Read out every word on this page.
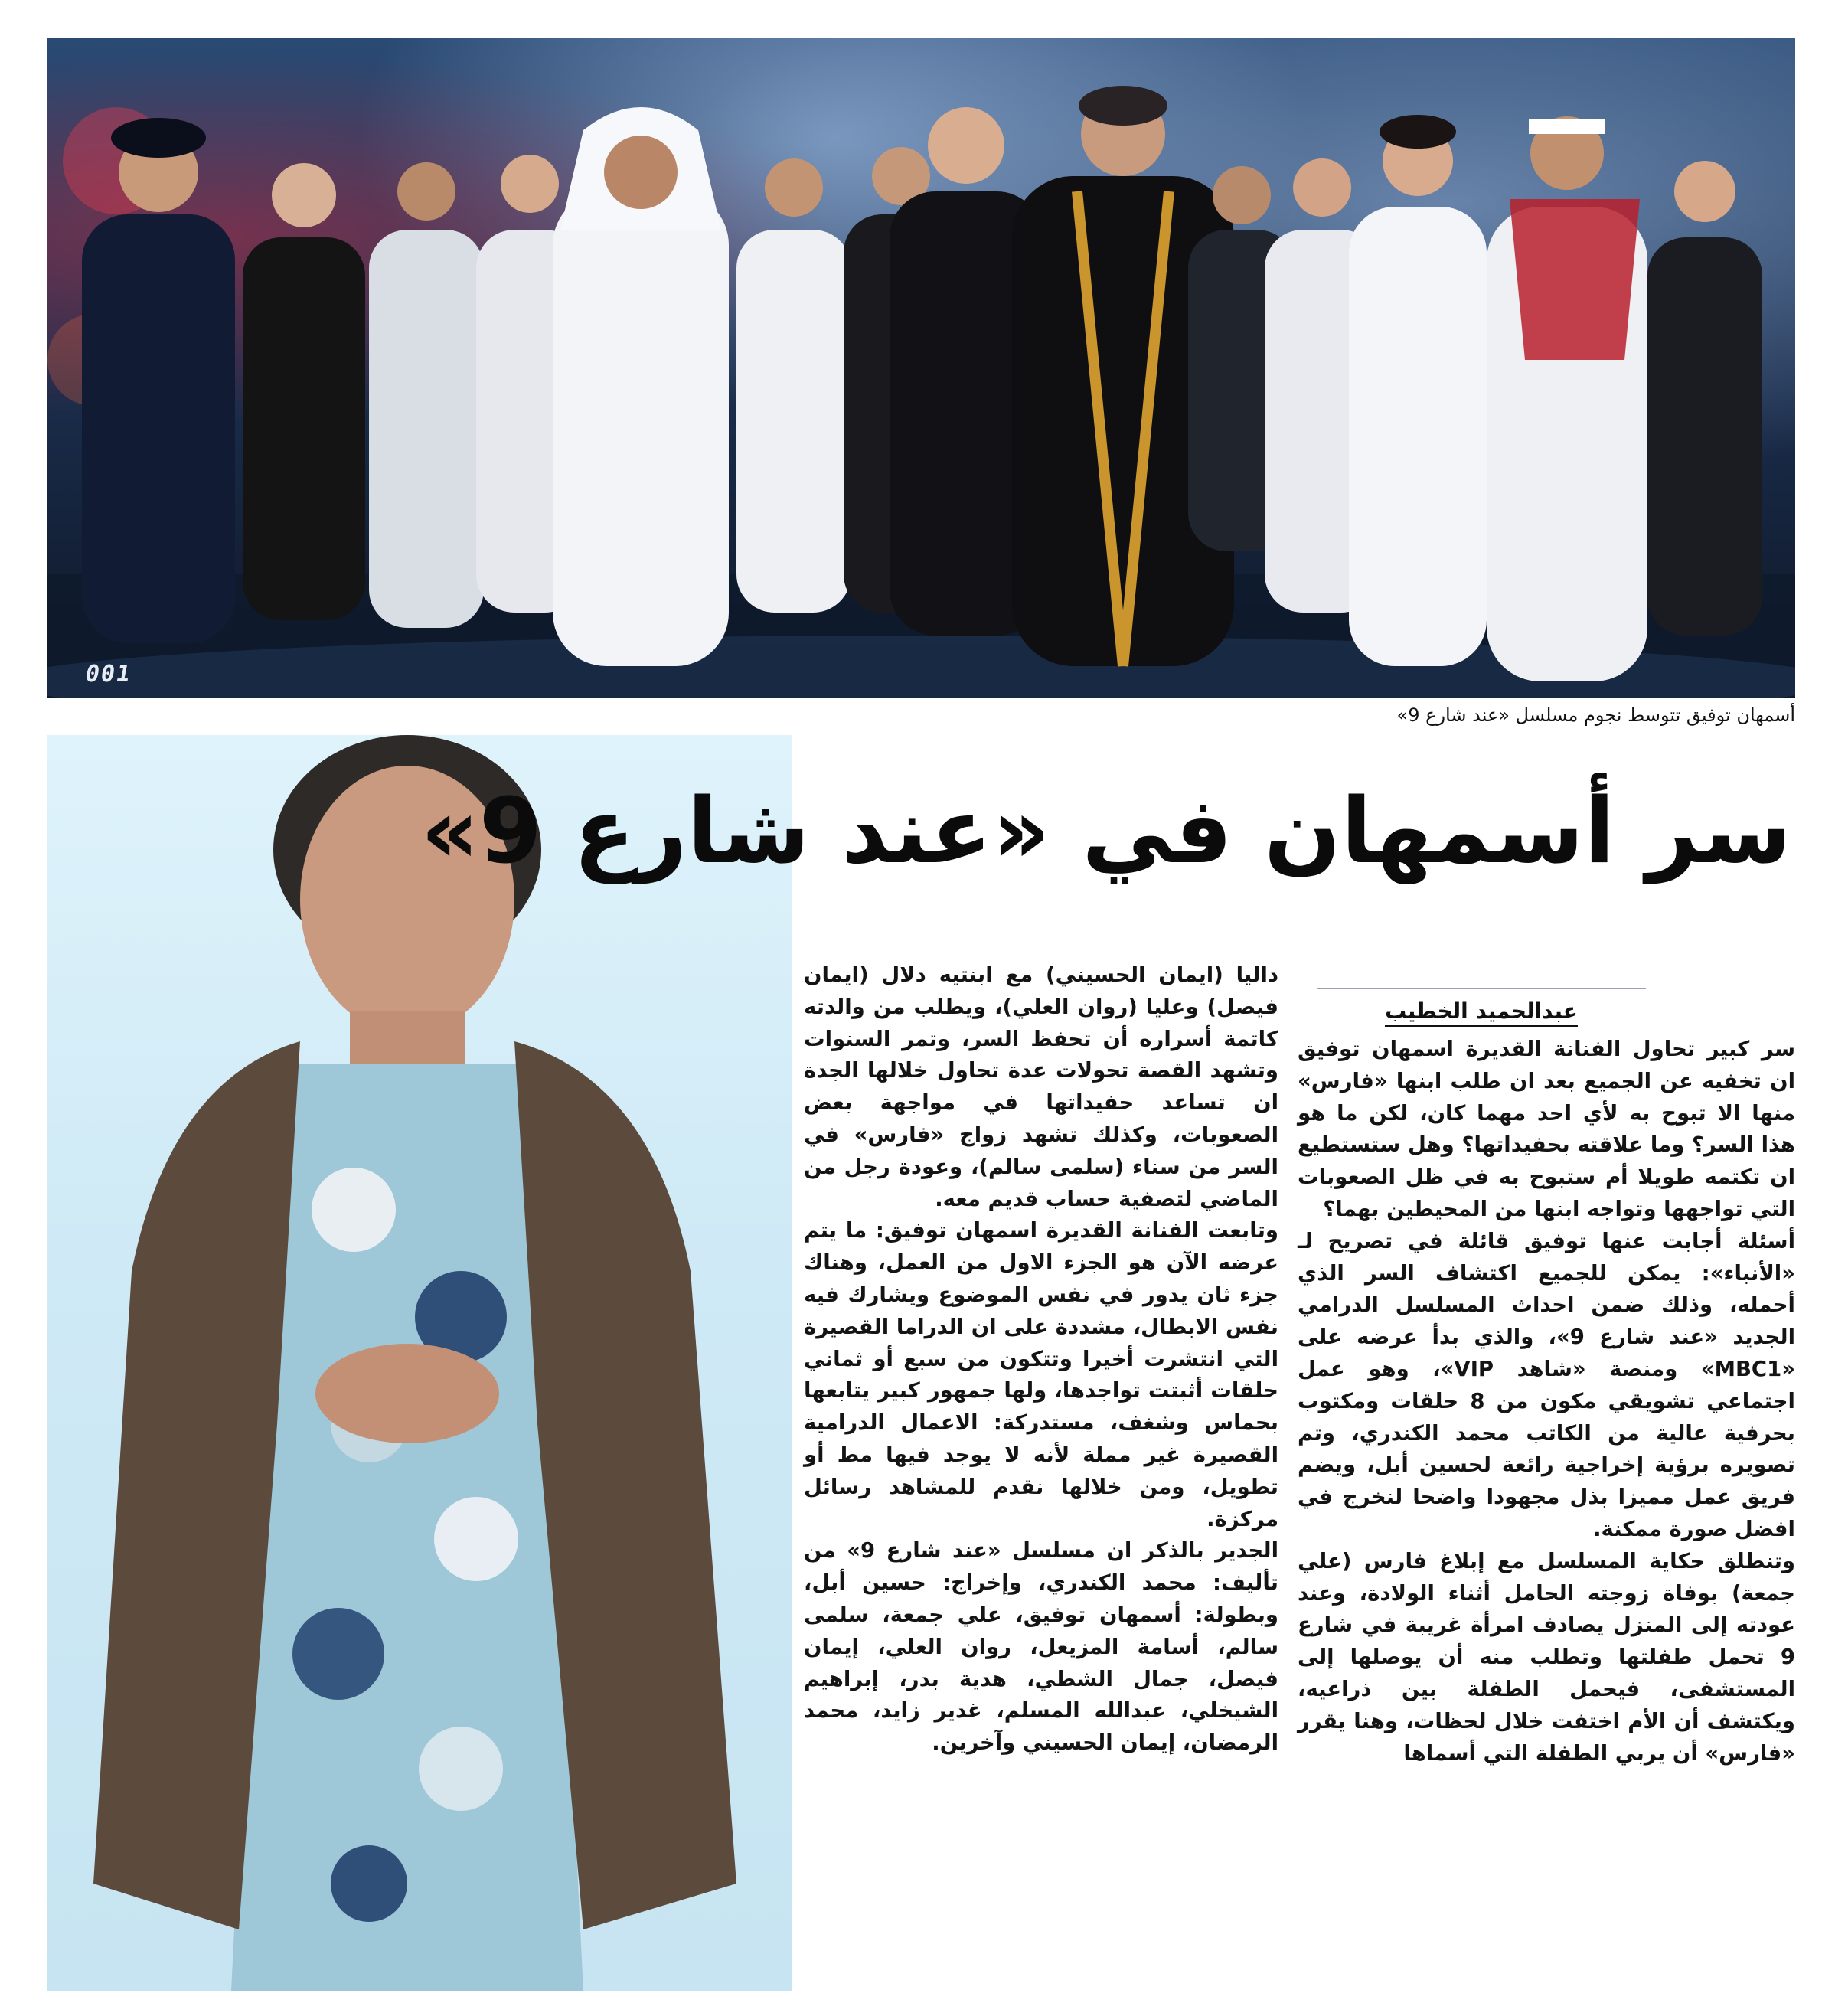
001
أسمهان توفيق تتوسط نجوم مسلسل «عند شارع 9»
سر أسمهان في «عند شارع 9»
عبدالحميد الخطيب

سر كبير تحاول الفنانة القديرة اسمهان توفيق ان تخفيه عن الجميع بعد ان طلب ابنها «فارس» منها الا تبوح به لأي احد مهما كان، لكن ما هو هذا السر؟ وما علاقته بحفيداتها؟ وهل ستستطيع ان تكتمه طويلا أم ستبوح به في ظل الصعوبات التي تواجهها وتواجه ابنها من المحيطين بهما؟

أسئلة أجابت عنها توفيق قائلة في تصريح لـ «الأنباء»: يمكن للجميع اكتشاف السر الذي أحمله، وذلك ضمن احداث المسلسل الدرامي الجديد «عند شارع 9»، والذي بدأ عرضه على «MBC1» ومنصة «شاهد VIP»، وهو عمل اجتماعي تشويقي مكون من 8 حلقات ومكتوب بحرفية عالية من الكاتب محمد الكندري، وتم تصويره برؤية إخراجية رائعة لحسين أبل، ويضم فريق عمل مميزا بذل مجهودا واضحا لنخرج في افضل صورة ممكنة.

وتنطلق حكاية المسلسل مع إبلاغ فارس (علي جمعة) بوفاة زوجته الحامل أثناء الولادة، وعند عودته إلى المنزل يصادف امرأة غريبة في شارع 9 تحمل طفلتها وتطلب منه أن يوصلها إلى المستشفى، فيحمل الطفلة بين ذراعيه، ويكتشف أن الأم اختفت خلال لحظات، وهنا يقرر «فارس» أن يربي الطفلة التي أسماها

داليا (ايمان الحسيني) مع ابنتيه دلال (ايمان فيصل) وعليا (روان العلي)، ويطلب من والدته كاتمة أسراره أن تحفظ السر، وتمر السنوات وتشهد القصة تحولات عدة تحاول خلالها الجدة ان تساعد حفيداتها في مواجهة بعض الصعوبات، وكذلك تشهد زواج «فارس» في السر من سناء (سلمى سالم)، وعودة رجل من الماضي لتصفية حساب قديم معه.

وتابعت الفنانة القديرة اسمهان توفيق: ما يتم عرضه الآن هو الجزء الاول من العمل، وهناك جزء ثان يدور في نفس الموضوع ويشارك فيه نفس الابطال، مشددة على ان الدراما القصيرة التي انتشرت أخيرا وتتكون من سبع أو ثماني حلقات أثبتت تواجدها، ولها جمهور كبير يتابعها بحماس وشغف، مستدركة: الاعمال الدرامية القصيرة غير مملة لأنه لا يوجد فيها مط أو تطويل، ومن خلالها نقدم للمشاهد رسائل مركزة.

الجدير بالذكر ان مسلسل «عند شارع 9» من تأليف: محمد الكندري، وإخراج: حسين أبل، وبطولة: أسمهان توفيق، علي جمعة، سلمى سالم، أسامة المزيعل، روان العلي، إيمان فيصل، جمال الشطي، هدية بدر، إبراهيم الشيخلي، عبدالله المسلم، غدير زايد، محمد الرمضان، إيمان الحسيني وآخرين.
